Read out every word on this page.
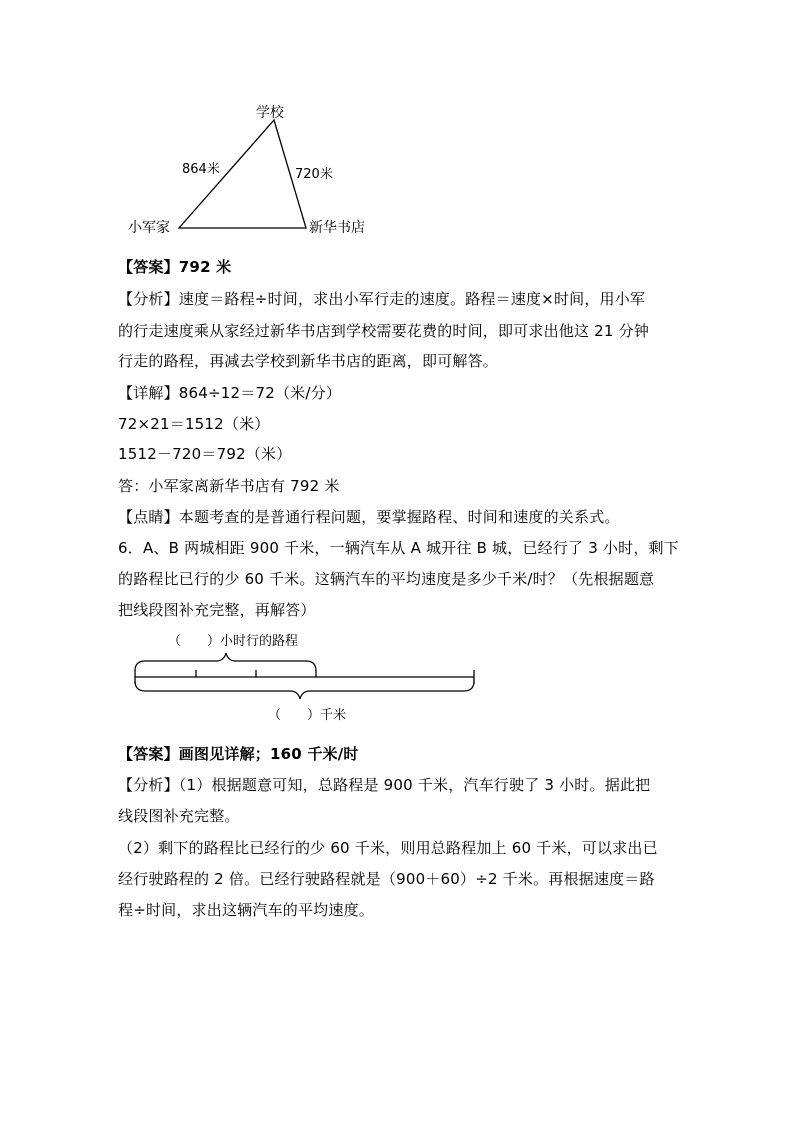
学校
小军家	新华书店
864米	720米
【答案】792 米
【分析】速度＝路程÷时间，求出小军行走的速度。路程＝速度×时间，用小军
的行走速度乘从家经过新华书店到学校需要花费的时间，即可求出他这 21 分钟
行走的路程，再减去学校到新华书店的距离，即可解答。
【详解】864÷12＝72（米/分）
72×21＝1512（米）
1512－720＝792（米）
答：小军家离新华书店有 792 米
【点睛】本题考查的是普通行程问题，要掌握路程、时间和速度的关系式。
6．A、B 两城相距 900 千米，一辆汽车从 A 城开往 B 城，已经行了 3 小时，剩下
的路程比已行的少 60 千米。这辆汽车的平均速度是多少千米/时？（先根据题意
把线段图补充完整，再解答）
（　　）小时行的路程
（　　）千米
【答案】画图见详解；160 千米/时
【分析】（1）根据题意可知，总路程是 900 千米，汽车行驶了 3 小时。据此把
线段图补充完整。
（2）剩下的路程比已经行的少 60 千米，则用总路程加上 60 千米，可以求出已
经行驶路程的 2 倍。已经行驶路程就是（900＋60）÷2 千米。再根据速度＝路
程÷时间，求出这辆汽车的平均速度。
